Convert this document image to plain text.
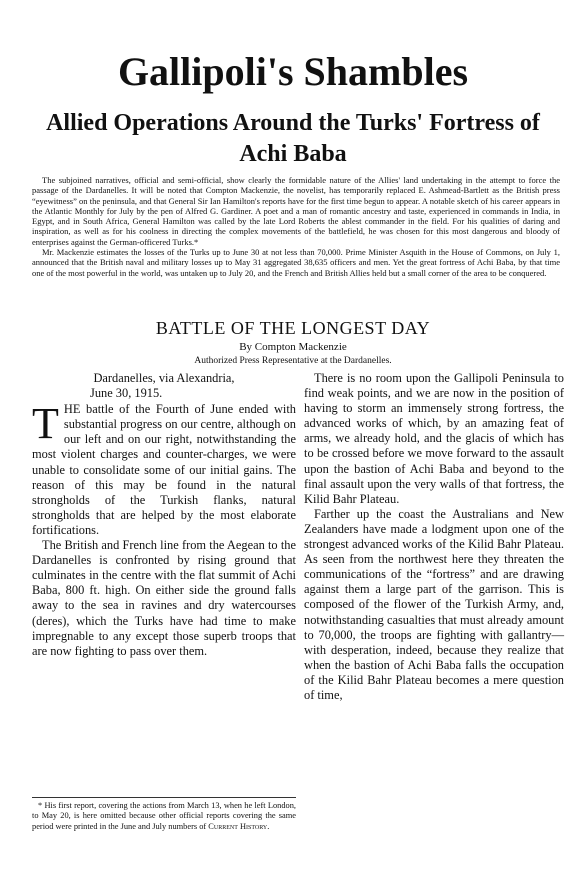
Gallipoli's Shambles
Allied Operations Around the Turks' Fortress of Achi Baba

The subjoined narratives, official and semi-official, show clearly the formidable nature of the Allies' land undertaking in the attempt to force the passage of the Dardanelles. It will be noted that Compton Mackenzie, the novelist, has temporarily replaced E. Ashmead-Bartlett as the British press “eyewitness” on the peninsula, and that General Sir Ian Hamilton's reports have for the first time begun to appear. A notable sketch of his career appears in the Atlantic Monthly for July by the pen of Alfred G. Gardiner. A poet and a man of romantic ancestry and taste, experienced in commands in India, in Egypt, and in South Africa, General Hamilton was called by the late Lord Roberts the ablest commander in the field. For his qualities of daring and inspiration, as well as for his coolness in directing the complex movements of the battlefield, he was chosen for this most dangerous and bloody of enterprises against the German-officered Turks.*

Mr. Mackenzie estimates the losses of the Turks up to June 30 at not less than 70,000. Prime Minister Asquith in the House of Commons, on July 1, announced that the British naval and military losses up to May 31 aggregated 38,635 officers and men. Yet the great fortress of Achi Baba, by that time one of the most powerful in the world, was untaken up to July 20, and the French and British Allies held but a small corner of the area to be conquered.

BATTLE OF THE LONGEST DAY
By Compton Mackenzie
Authorized Press Representative at the Dardanelles.

Dardanelles, via Alexandria,

June 30, 1915.

THE battle of the Fourth of June ended with substantial progress on our centre, although on our left and on our right, notwithstanding the most violent charges and counter-charges, we were unable to consolidate some of our initial gains. The reason of this may be found in the natural strongholds of the Turkish flanks, natural strongholds that are helped by the most elaborate fortifications.

The British and French line from the Aegean to the Dardanelles is confronted by rising ground that culminates in the centre with the flat summit of Achi Baba, 800 ft. high. On either side the ground falls away to the sea in ravines and dry watercourses (deres), which the Turks have had time to make impregnable to any except those superb troops that are now fighting to pass over them.

* His first report, covering the actions from March 13, when he left London, to May 20, is here omitted because other official reports covering the same period were printed in the June and July numbers of Current History.

There is no room upon the Gallipoli Peninsula to find weak points, and we are now in the position of having to storm an immensely strong fortress, the advanced works of which, by an amazing feat of arms, we already hold, and the glacis of which has to be crossed before we move forward to the assault upon the bastion of Achi Baba and beyond to the final assault upon the very walls of that fortress, the Kilid Bahr Plateau.

Farther up the coast the Australians and New Zealanders have made a lodgment upon one of the strongest advanced works of the Kilid Bahr Plateau. As seen from the northwest here they threaten the communications of the “fortress” and are drawing against them a large part of the garrison. This is composed of the flower of the Turkish Army, and, notwithstanding casualties that must already amount to 70,000, the troops are fighting with gallantry—with desperation, indeed, because they realize that when the bastion of Achi Baba falls the occupation of the Kilid Bahr Plateau becomes a mere question of time,
